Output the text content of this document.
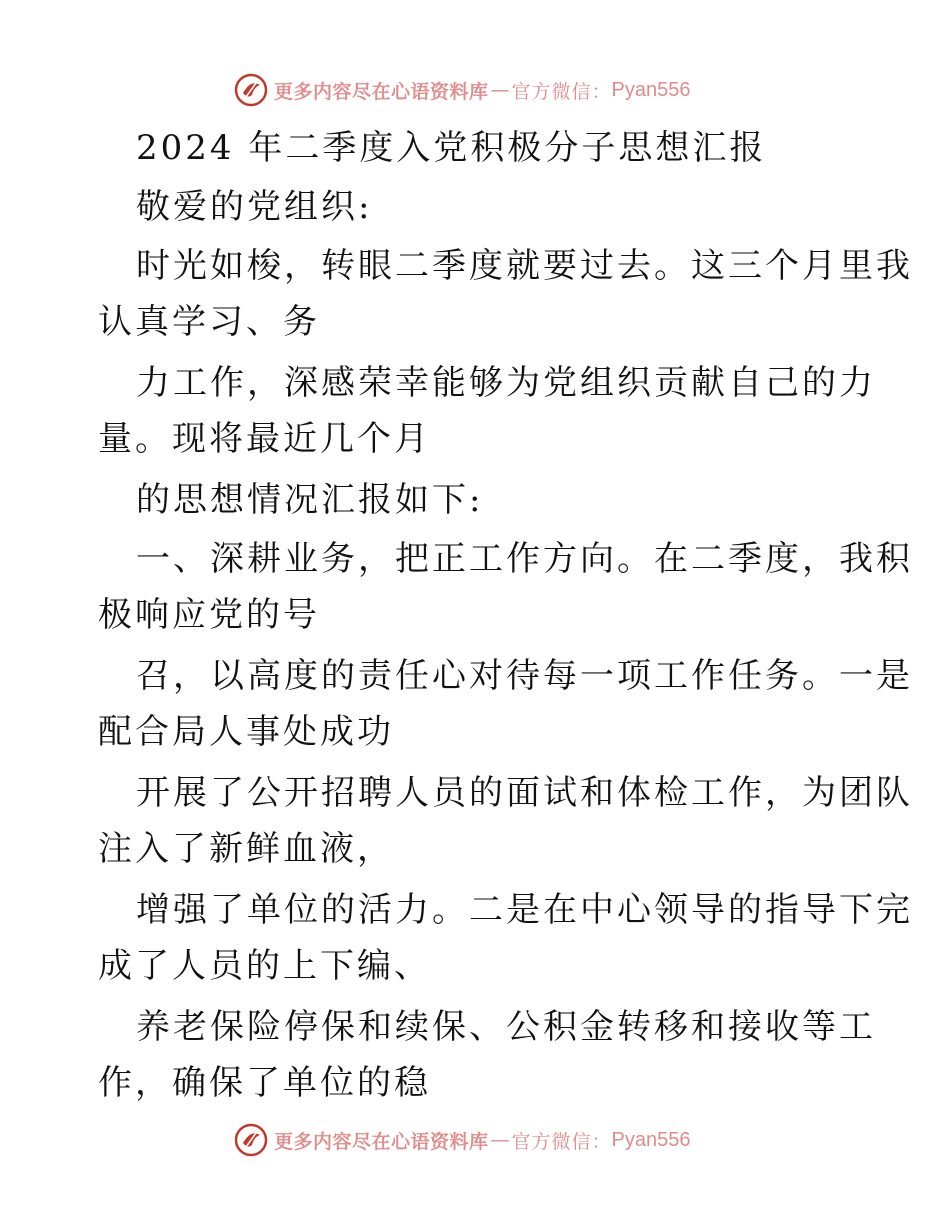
更多内容尽在心语资料库 — 官方微信： Pyan556
2024 年二季度入党积极分子思想汇报
敬爱的党组织:
时光如梭，转眼二季度就要过去。这三个月里我
认真学习、务
力工作，深感荣幸能够为党组织贡献自己的力
量。现将最近几个月
的思想情况汇报如下:
一、深耕业务，把正工作方向。在二季度，我积
极响应党的号
召，以高度的责任心对待每一项工作任务。一是
配合局人事处成功
开展了公开招聘人员的面试和体检工作，为团队
注入了新鲜血液，
增强了单位的活力。二是在中心领导的指导下完
成了人员的上下编、
养老保险停保和续保、公积金转移和接收等工
作，确保了单位的稳
更多内容尽在心语资料库 — 官方微信： Pyan556
